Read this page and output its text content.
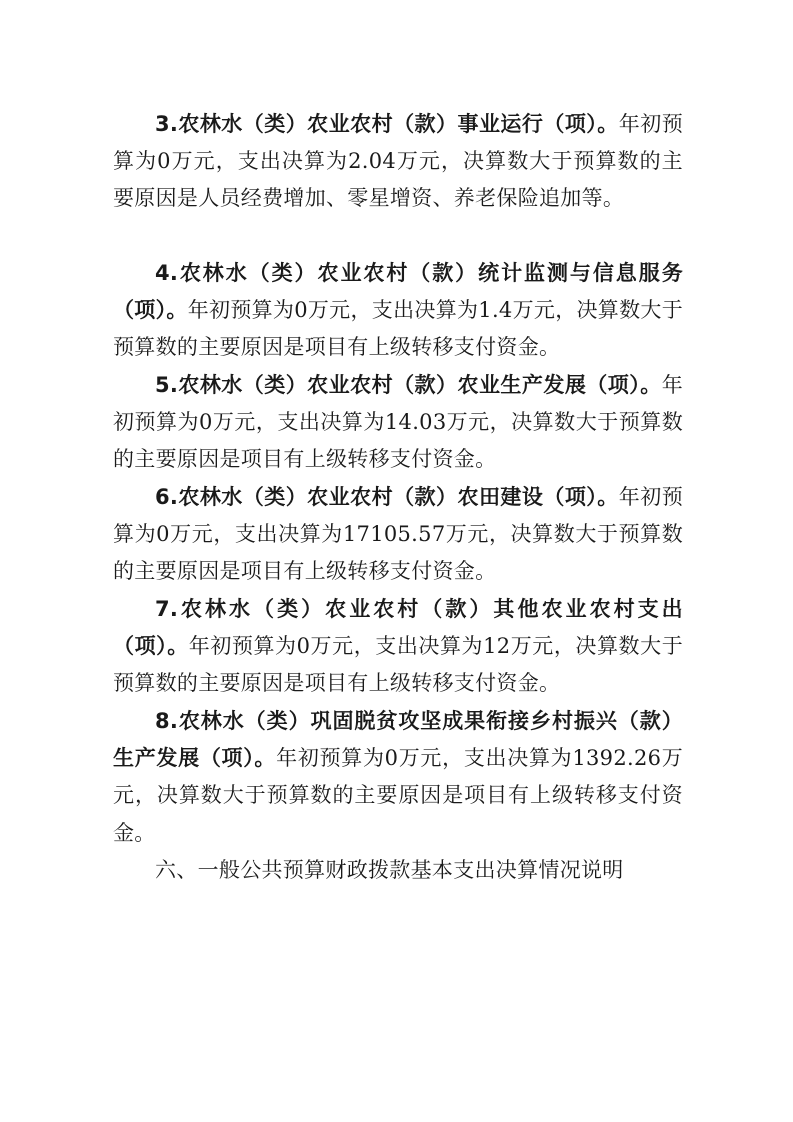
3.农林水（类）农业农村（款）事业运行（项）。年初预算为0万元，支出决算为2.04万元，决算数大于预算数的主要原因是人员经费增加、零星增资、养老保险追加等。

4.农林水（类）农业农村（款）统计监测与信息服务（项）。年初预算为0万元，支出决算为1.4万元，决算数大于预算数的主要原因是项目有上级转移支付资金。

5.农林水（类）农业农村（款）农业生产发展（项）。年初预算为0万元，支出决算为14.03万元，决算数大于预算数的主要原因是项目有上级转移支付资金。

6.农林水（类）农业农村（款）农田建设（项）。年初预算为0万元，支出决算为17105.57万元，决算数大于预算数的主要原因是项目有上级转移支付资金。

7.农林水（类）农业农村（款）其他农业农村支出（项）。年初预算为0万元，支出决算为12万元，决算数大于预算数的主要原因是项目有上级转移支付资金。

8.农林水（类）巩固脱贫攻坚成果衔接乡村振兴（款）生产发展（项）。年初预算为0万元，支出决算为1392.26万元，决算数大于预算数的主要原因是项目有上级转移支付资金。

六、一般公共预算财政拨款基本支出决算情况说明
